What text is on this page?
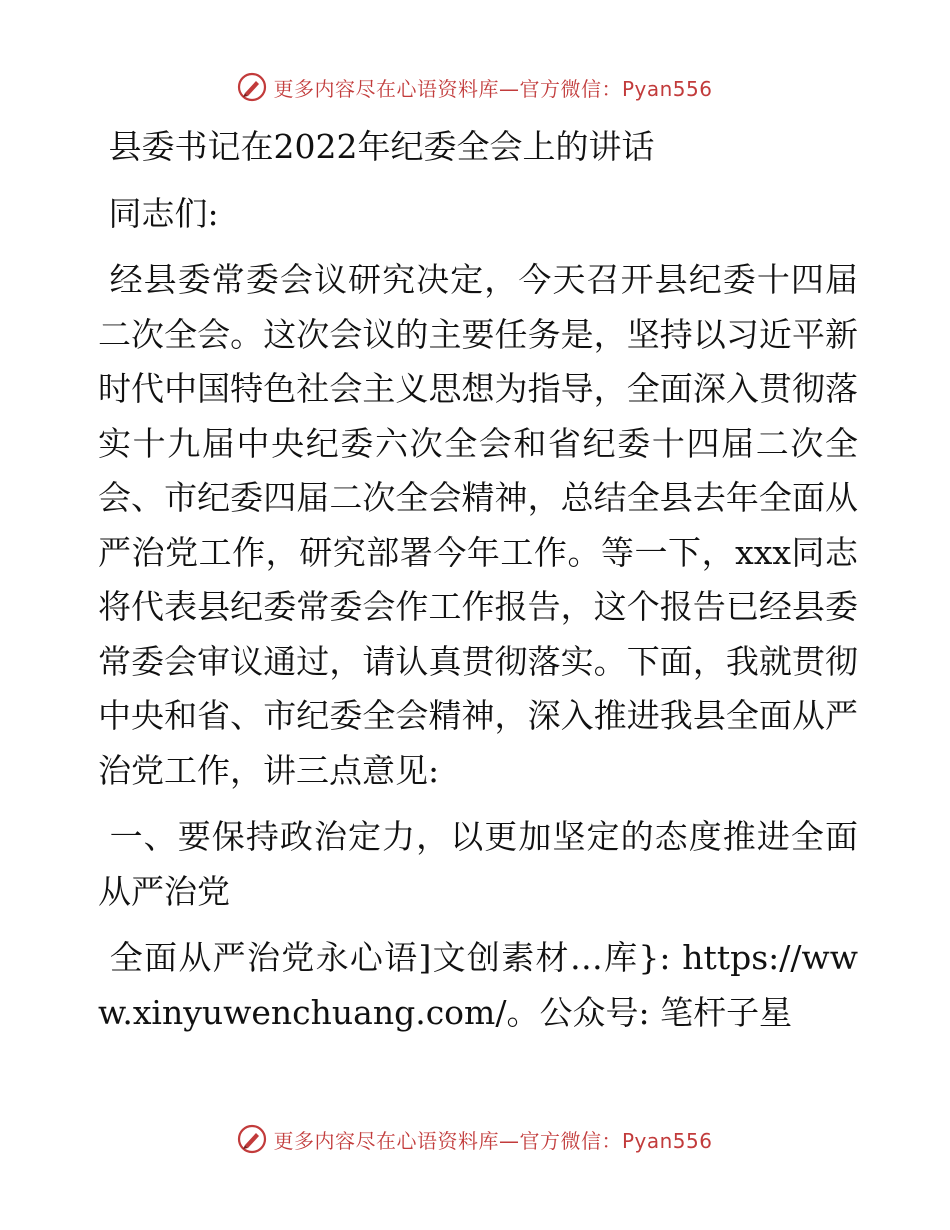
更多内容尽在心语资料库—官方微信：Pyan556

县委书记在2022年纪委全会上的讲话

同志们:

经县委常委会议研究决定，今天召开县纪委十四届二次全会。这次会议的主要任务是，坚持以习近平新时代中国特色社会主义思想为指导，全面深入贯彻落实十九届中央纪委六次全会和省纪委十四届二次全会、市纪委四届二次全会精神，总结全县去年全面从严治党工作，研究部署今年工作。等一下，xxx同志将代表县纪委常委会作工作报告，这个报告已经县委常委会审议通过，请认真贯彻落实。下面，我就贯彻中央和省、市纪委全会精神，深入推进我县全面从严治党工作，讲三点意见:

一、要保持政治定力，以更加坚定的态度推进全面从严治党

全面从严治党永心语]文创素材…库}: https://www.xinyuwenchuang.com/。公众号: 笔杆子星

更多内容尽在心语资料库—官方微信：Pyan556
